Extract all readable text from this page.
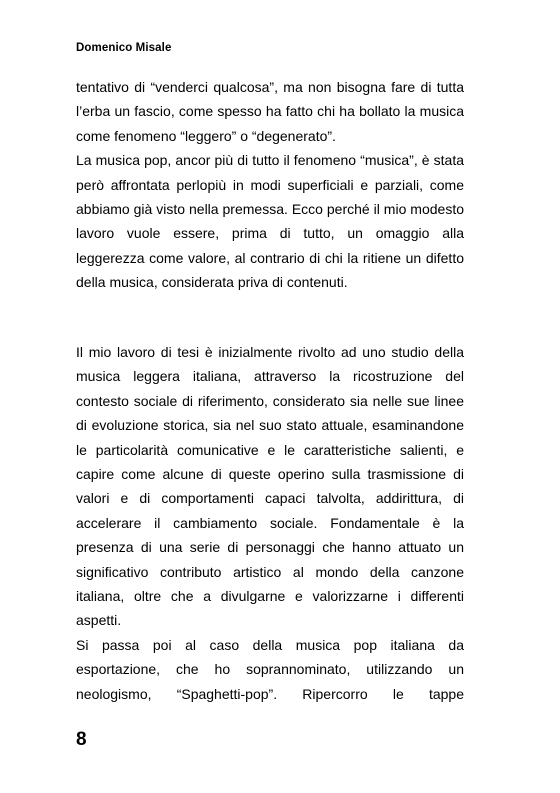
Domenico Misale

tentativo di “venderci qualcosa”, ma non bisogna fare di tutta l’erba un fascio, come spesso ha fatto chi ha bollato la musica come fenomeno “leggero” o “degenerato”.

La musica pop, ancor più di tutto il fenomeno “musica”, è stata però affrontata perlopiù in modi superficiali e parziali, come abbiamo già visto nella premessa. Ecco perché il mio modesto lavoro vuole essere, prima di tutto, un omaggio alla leggerezza come valore, al contrario di chi la ritiene un difetto della musica, considerata priva di contenuti.

Il mio lavoro di tesi è inizialmente rivolto ad uno studio della musica leggera italiana, attraverso la ricostruzione del contesto sociale di riferimento, considerato sia nelle sue linee di evoluzione storica, sia nel suo stato attuale, esaminandone le particolarità comunicative e le caratteristiche salienti, e capire come alcune di queste operino sulla trasmissione di valori e di comportamenti capaci talvolta, addirittura, di accelerare il cambiamento sociale. Fondamentale è la presenza di una serie di personaggi che hanno attuato un significativo contributo artistico al mondo della canzone italiana, oltre che a divulgarne e valorizzarne i differenti aspetti.

Si passa poi al caso della musica pop italiana da esportazione, che ho soprannominato, utilizzando un neologismo, “Spaghetti-pop”. Ripercorro le tappe

8
